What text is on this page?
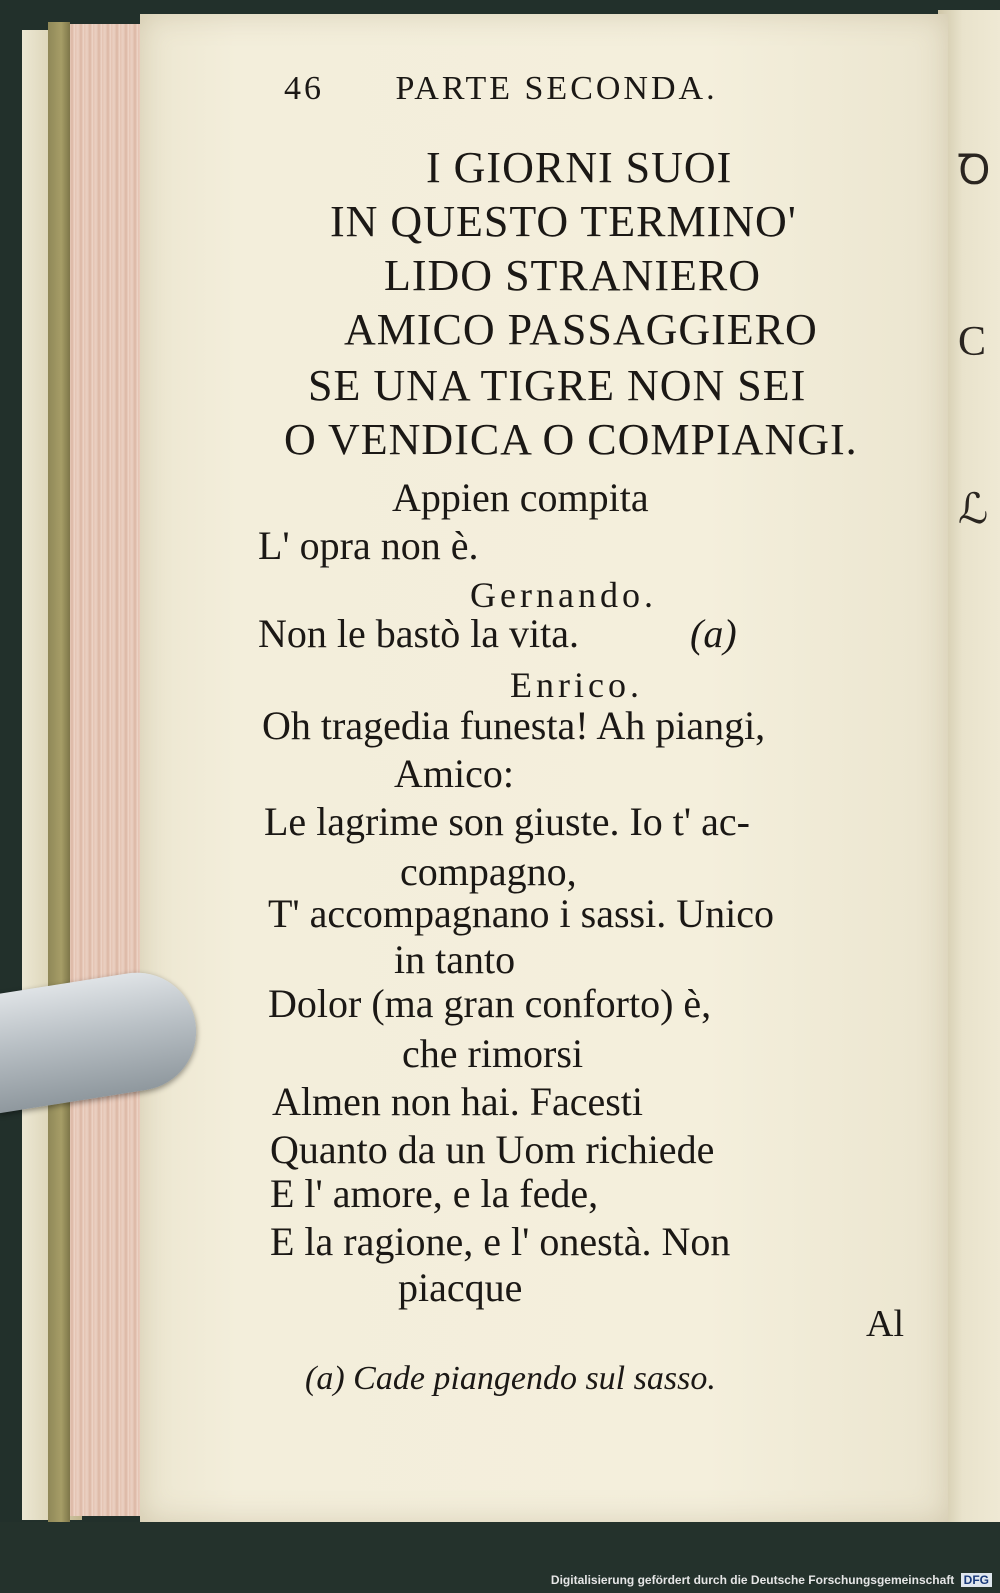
Ꝺ
C
ℒ
46 PARTE SECONDA.
I GIORNI SUOI
IN QUESTO TERMINO'
LIDO STRANIERO
AMICO PASSAGGIERO
SE UNA TIGRE NON SEI
O VENDICA O COMPIANGI.
Appien compita
L' opra non è.
Gernando.
Non le bastò la vita.	(a)
Enrico.
Oh tragedia funesta! Ah piangi,
Amico:
Le lagrime son giuste. Io t' ac-
compagno,
T' accompagnano i sassi. Unico
in tanto
Dolor (ma gran conforto) è,
che rimorsi
Almen non hai. Facesti
Quanto da un Uom richiede
E l' amore, e la fede,
E la ragione, e l' onestà. Non
piacque
Al
(a) Cade piangendo sul sasso.
Digitalisierung gefördert durch die Deutsche Forschungsgemeinschaft DFG
